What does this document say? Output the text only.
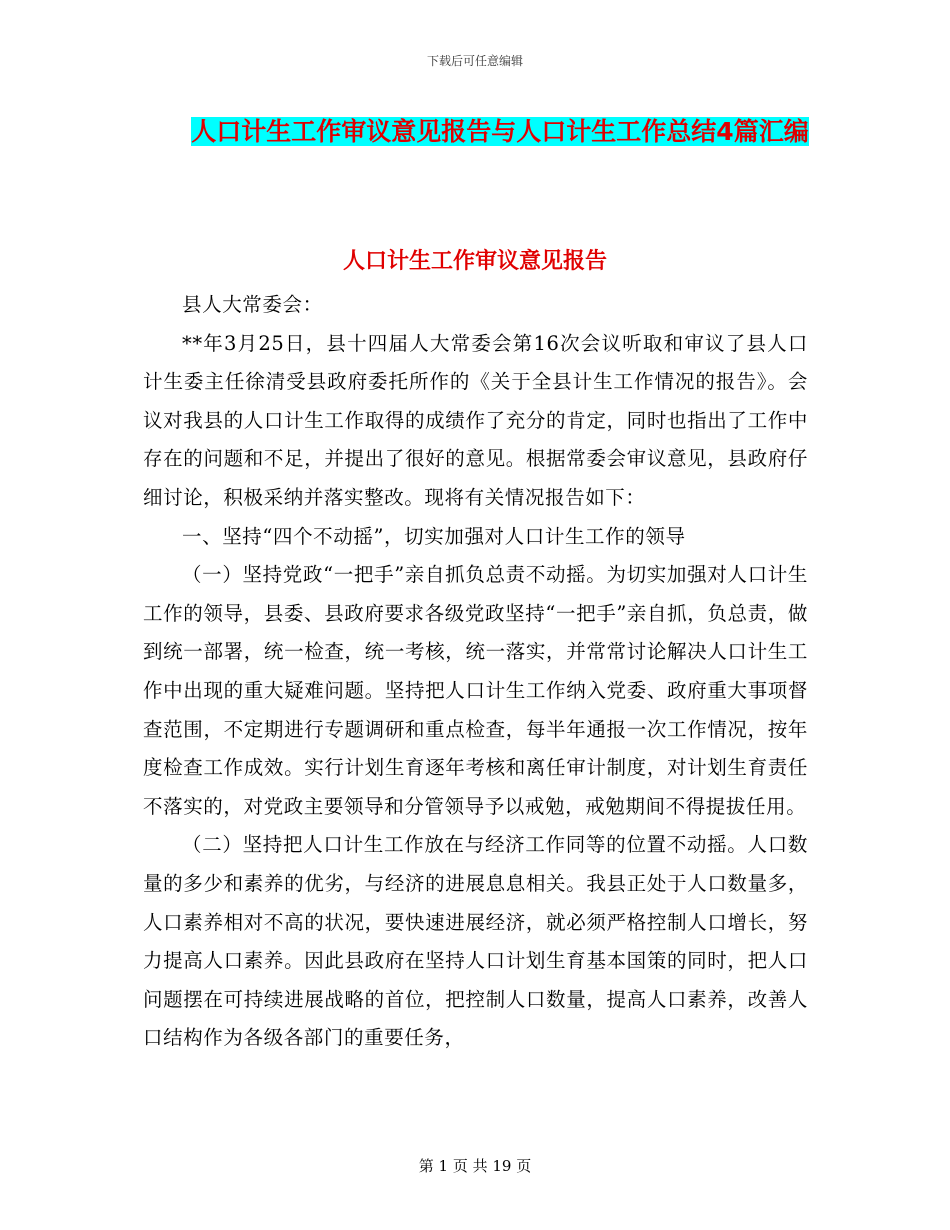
下载后可任意编辑
人口计生工作审议意见报告与人口计生工作总结4篇汇编
人口计生工作审议意见报告

县人大常委会：

**年3月25日，县十四届人大常委会第16次会议听取和审议了县人口计生委主任徐清受县政府委托所作的《关于全县计生工作情况的报告》。会议对我县的人口计生工作取得的成绩作了充分的肯定，同时也指出了工作中存在的问题和不足，并提出了很好的意见。根据常委会审议意见，县政府仔细讨论，积极采纳并落实整改。现将有关情况报告如下：

一、坚持“四个不动摇”，切实加强对人口计生工作的领导

（一）坚持党政“一把手”亲自抓负总责不动摇。为切实加强对人口计生工作的领导，县委、县政府要求各级党政坚持“一把手”亲自抓，负总责，做到统一部署，统一检查，统一考核，统一落实，并常常讨论解决人口计生工作中出现的重大疑难问题。坚持把人口计生工作纳入党委、政府重大事项督查范围，不定期进行专题调研和重点检查，每半年通报一次工作情况，按年度检查工作成效。实行计划生育逐年考核和离任审计制度，对计划生育责任不落实的，对党政主要领导和分管领导予以戒勉，戒勉期间不得提拔任用。

（二）坚持把人口计生工作放在与经济工作同等的位置不动摇。人口数量的多少和素养的优劣，与经济的进展息息相关。我县正处于人口数量多，人口素养相对不高的状况，要快速进展经济，就必须严格控制人口增长，努力提高人口素养。因此县政府在坚持人口计划生育基本国策的同时，把人口问题摆在可持续进展战略的首位，把控制人口数量，提高人口素养，改善人口结构作为各级各部门的重要任务，

第 1 页 共 19 页
